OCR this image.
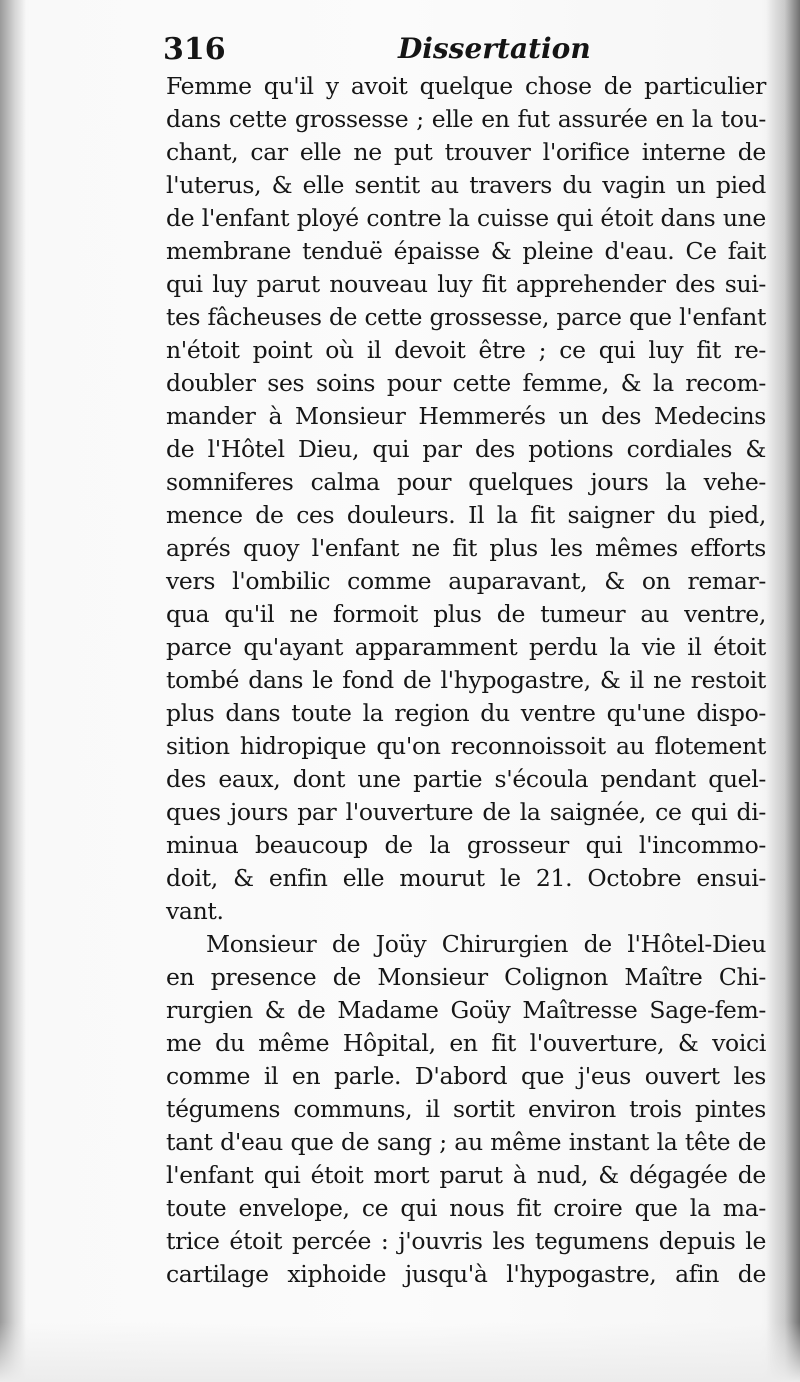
316	Dissertation
Femme qu'il y avoit quelque chose de particulier
dans cette grossesse ; elle en fut assurée en la tou-
chant, car elle ne put trouver l'orifice interne de
l'uterus, & elle sentit au travers du vagin un pied
de l'enfant ployé contre la cuisse qui étoit dans une
membrane tenduë épaisse & pleine d'eau. Ce fait
qui luy parut nouveau luy fit apprehender des sui-
tes fâcheuses de cette grossesse, parce que l'enfant
n'étoit point où il devoit être ; ce qui luy fit re-
doubler ses soins pour cette femme, & la recom-
mander à Monsieur Hemmerés un des Medecins
de l'Hôtel Dieu, qui par des potions cordiales &
somniferes calma pour quelques jours la vehe-
mence de ces douleurs. Il la fit saigner du pied,
aprés quoy l'enfant ne fit plus les mêmes efforts
vers l'ombilic comme auparavant, & on remar-
qua qu'il ne formoit plus de tumeur au ventre,
parce qu'ayant apparamment perdu la vie il étoit
tombé dans le fond de l'hypogastre, & il ne restoit
plus dans toute la region du ventre qu'une dispo-
sition hidropique qu'on reconnoissoit au flotement
des eaux, dont une partie s'écoula pendant quel-
ques jours par l'ouverture de la saignée, ce qui di-
minua beaucoup de la grosseur qui l'incommo-
doit, & enfin elle mourut le 21. Octobre ensui-
vant.
Monsieur de Joüy Chirurgien de l'Hôtel-Dieu
en presence de Monsieur Colignon Maître Chi-
rurgien & de Madame Goüy Maîtresse Sage-fem-
me du même Hôpital, en fit l'ouverture, & voici
comme il en parle. D'abord que j'eus ouvert les
tégumens communs, il sortit environ trois pintes
tant d'eau que de sang ; au même instant la tête de
l'enfant qui étoit mort parut à nud, & dégagée de
toute envelope, ce qui nous fit croire que la ma-
trice étoit percée : j'ouvris les tegumens depuis le
cartilage xiphoide jusqu'à l'hypogastre, afin de
